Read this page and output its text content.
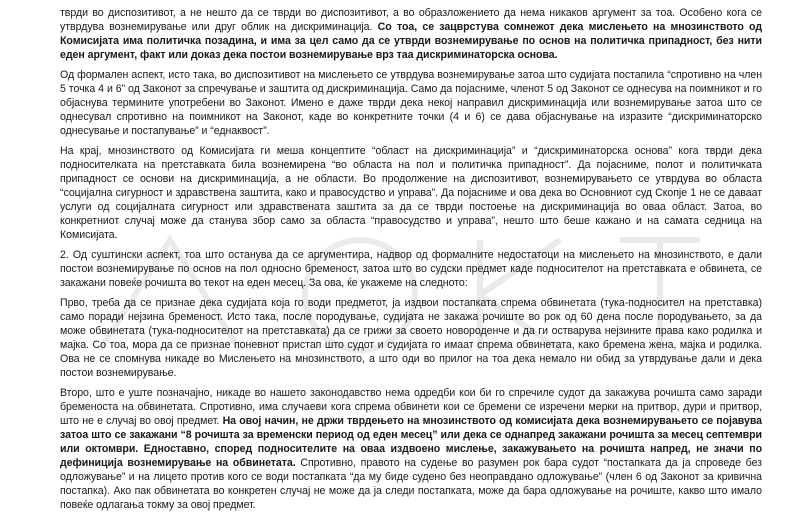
тврди во диспозитивот, а не нешто да се тврди во диспозитивот, а во образложението да нема никаков аргумент за тоа. Особено кога се утврдува вознемирување или друг облик на дискриминација. Со тоа, се зацврстува сомнежот дека мислењето на мнозинството од Комисијата има политичка позадина, и има за цел само да се утврди вознемирување по основ на политичка припадност, без нити еден аргумент, факт или доказ дека постои вознемирување врз таа дискриминаторска основа.

Од формален аспект, исто така, во диспозитивот на мислењето се утврдува вознемирување затоа што судијата постапила “спротивно на член 5 точка 4 и 6” од Законот за спречување и заштита од дискриминација. Само да појасниме, членот 5 од Законот се однесува на поимникот и го објаснува термините употребени во Законот. Имено е даже тврди дека некој направил дискриминација или вознемирување затоа што се однесувал спротивно на поимникот на Законот, каде во конкретните точки (4 и 6) се дава објаснување на изразите “дискриминаторско однесување и постапување” и “еднаквост”.

На крај, мнозинството од Комисијата ги меша концептите “област на дискриминација” и “дискриминаторска основа” кога тврди дека подносителката на претставката била вознемирена “во областа на пол и политичка припадност”. Да појасниме, полот и политичката припадност се основи на дискриминација, а не области. Во продолжение на диспозитивот, вознемирувањето се утврдува во областа “социјална сигурност и здравствена заштита, како и правосудство и управа”. Да појасниме и ова дека во Основниот суд Скопје 1 не се даваат услуги од социјалната сигурност или здравствената заштита за да се тврди постоење на дискриминација во оваа област. Затоа, во конкретниот случај може да станува збор само за областа “правосудство и управа”, нешто што беше кажано и на самата седница на Комисијата.

2. Од суштински аспект, тоа што останува да се аргументира, надвор од формалните недостатоци на мислењето на мнозинството, е дали постои вознемирување по основ на пол односно бременост, затоа што во судски предмет каде подносителот на претставката е обвинета, се закажани повеќе рочишта во текот на еден месец. За ова, ќе укажеме на следното:

Прво, треба да се признае дека судијата која го води предметот, ја издвои постапката спрема обвинетата (тука-подносител на претставка) само поради нејзина бременост. Исто така, после породување, судијата не закажа рочиште во рок од 60 дена после породувањето, за да може обвинетата (тука-подносителот на претставката) да се грижи за своето новороденче и да ги остварува нејзините права како родилка и мајка. Со тоа, мора да се признае поневнот пристап што судот и судијата го имаат спрема обвинетата, како бремена жена, мајка и родилка. Ова не се спомнува никаде во Мислењето на мнозинството, а што оди во прилог на тоа дека немало ни обид за утврдување дали и дека постои вознемирување.

Второ, што е уште позначајно, никаде во нашето законодавство нема одредби кои би го спречиле судот да закажува рочишта само заради бременоста на обвинетата. Спротивно, има случаеви кога спрема обвинети кои се бремени се изречени мерки на притвор, дури и притвор, што не е случај во овој предмет. На овој начин, не држи тврдењето на мнозинството од комисијата дека вознемирувањето се појавува затоа што се закажани “8 рочишта за временски период од еден месец” или дека се однапред закажани рочишта за месец септември или октомври. Едноставно, според подносителите на оваа издвоено мислење, закажувањето на рочишта напред, не значи по дефиниција вознемирување на обвинетата. Спротивно, правото на судење во разумен рок бара судот “постапката да ја спроведе без одложување” и на лицето против кого се води постапката “да му биде судено без неоправдано одложување” (член 6 од Законот за кривична постапка). Ако пак обвинетата во конкретен случај не може да ја следи постапката, може да бара одложување на рочиште, какво што имало повеќе одлагања токму за овој предмет.
